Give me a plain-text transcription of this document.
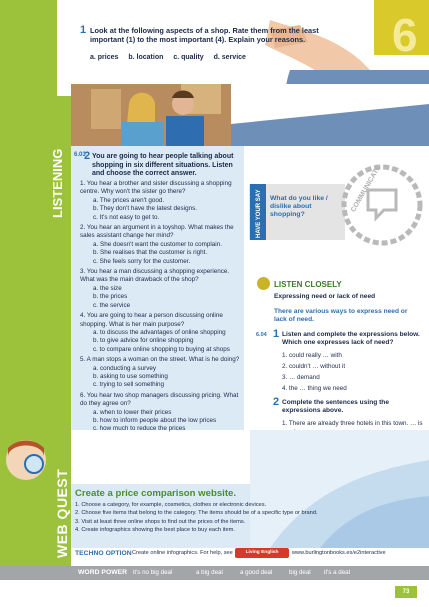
6
1 Look at the following aspects of a shop. Rate them from the least important (1) to the most important (4). Explain your reasons.
a. prices b. location c. quality d. service
LISTENING 6.03
2 You are going to hear people talking about shopping in six different situations. Listen and choose the correct answer.

1. You hear a brother and sister discussing a shopping centre. Why won't the sister go there?

a. The prices aren't good.

b. They don't have the latest designs.

c. It's not easy to get to.

2. You hear an argument in a toyshop. What makes the sales assistant change her mind?

a. She doesn't want the customer to complain.

b. She realises that the customer is right.

c. She feels sorry for the customer.

3. You hear a man discussing a shopping experience. What was the main drawback of the shop?

a. the size

b. the prices

c. the service

4. You are going to hear a person discussing online shopping. What is her main purpose?

a. to discuss the advantages of online shopping

b. to give advice for online shopping

c. to compare online shopping to buying at shops

5. A man stops a woman on the street. What is he doing?

a. conducting a survey

b. asking to use something

c. trying to sell something

6. You hear two shop managers discussing pricing. What do they agree on?

a. when to lower their prices

b. how to inform people about the low prices

c. how much to reduce the prices

HAVE YOUR SAY What do you like / dislike about shopping?
COMMUNICATE
LISTEN CLOSELY
Expressing need or lack of need
There are various ways to express need or lack of need.
6.04 1 Listen and complete the expressions below. Which one expresses lack of need?
1. could really … with
2. couldn't … without it
3. … demand
4. the … thing we need
2 Complete the sentences using the expressions above.
1. There are already three hotels in this town. … is
WEB QUEST Create a price comparison website.
1. Choose a category, for example, cosmetics, clothes or electronic devices.
2. Choose five items that belong to the category. The items should be of a specific type or brand.
3. Visit at least three online shops to find out the prices of the items.
4. Create infographics showing the best place to buy each item.
TECHNO OPTION Create online infographics. For help, see	Living English INTERACTIVE
www.burlingtonbooks.es/e2interactive
WORD POWER it's no big deal	a big deal	a good deal	big deal it's a deal
73
